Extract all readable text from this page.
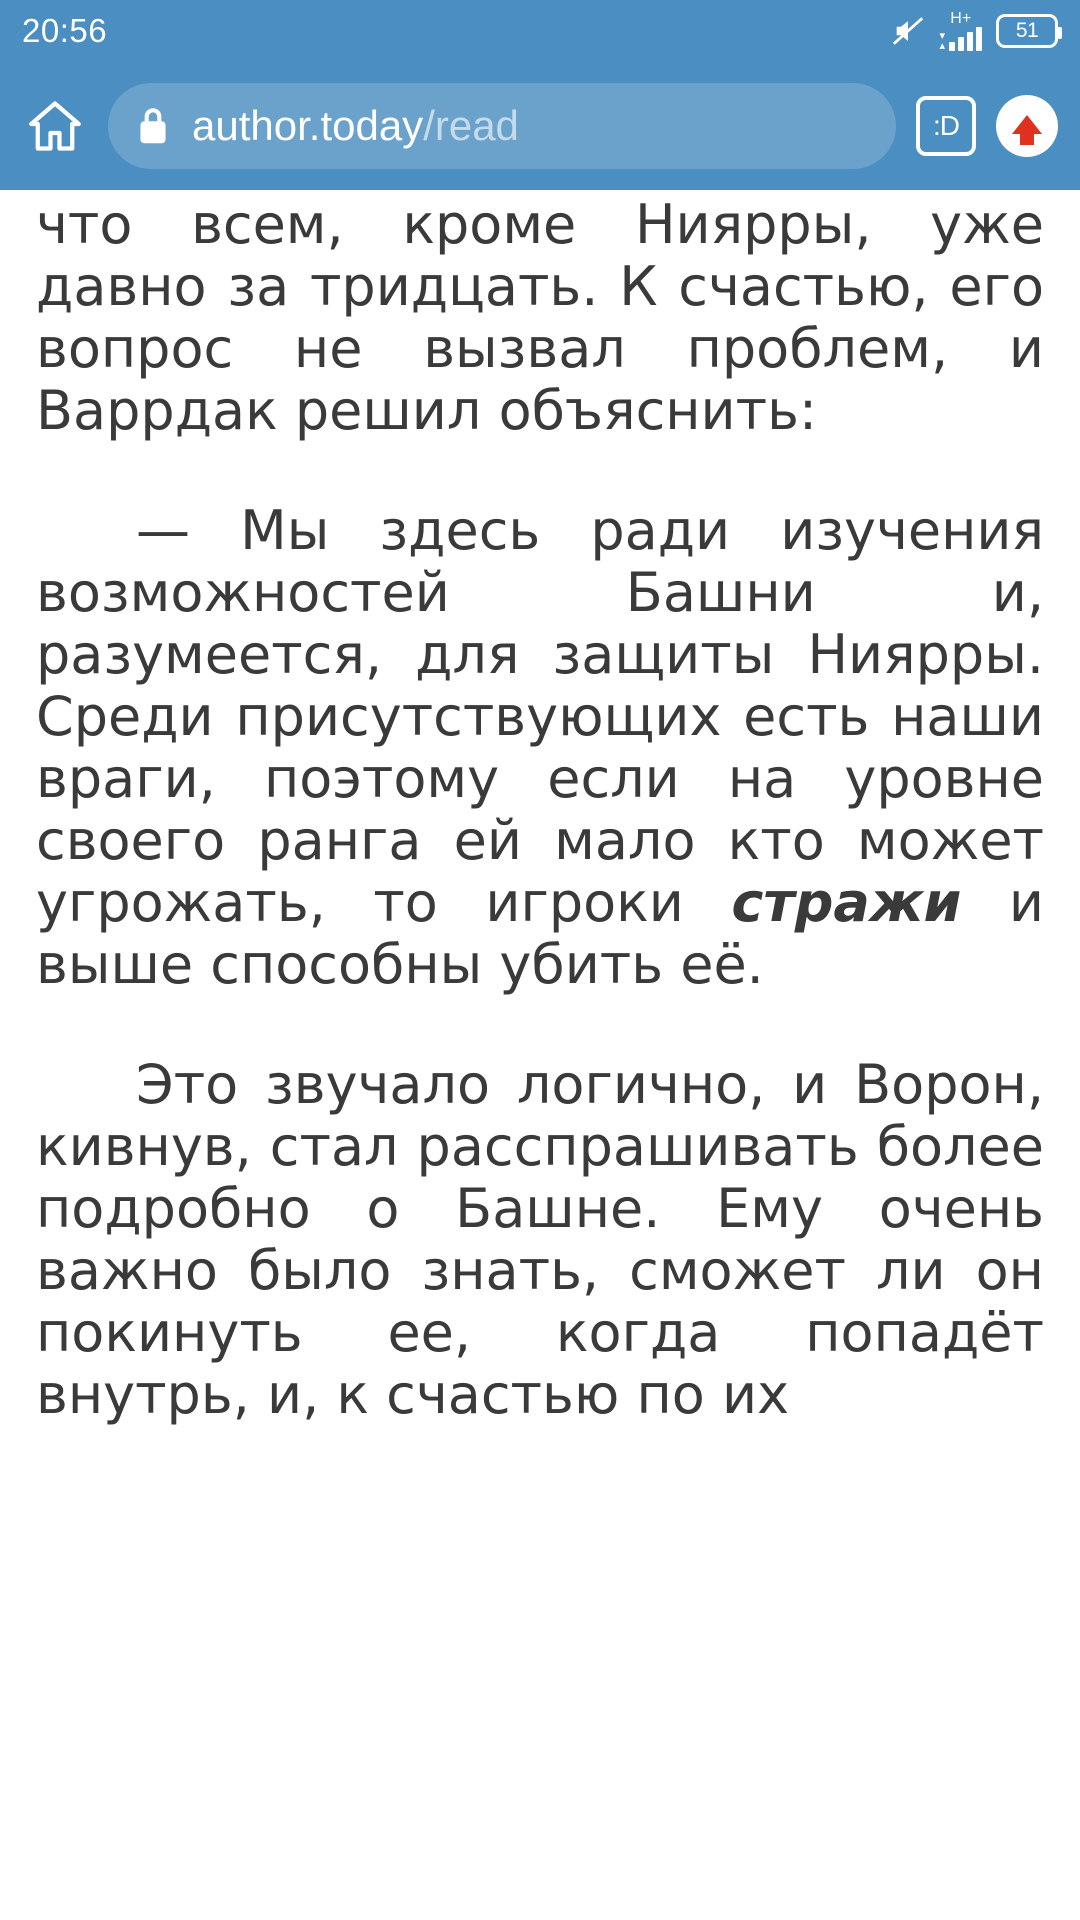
20:56	H+
▾
▴
51
author.today/read	:D

что всем, кроме Ниярры, уже давно за тридцать. К счастью, его вопрос не вызвал проблем, и Варрдак решил объяснить:

— Мы здесь ради изучения возможностей Башни и, разумеется, для защиты Ниярры. Среди присутствующих есть наши враги, поэтому если на уровне своего ранга ей мало кто может угрожать, то игроки стражи и выше способны убить её.

Это звучало логично, и Ворон, кивнув, стал расспрашивать более подробно о Башне. Ему очень важно было знать, сможет ли он покинуть ее, когда попадёт внутрь, и, к счастью по их
